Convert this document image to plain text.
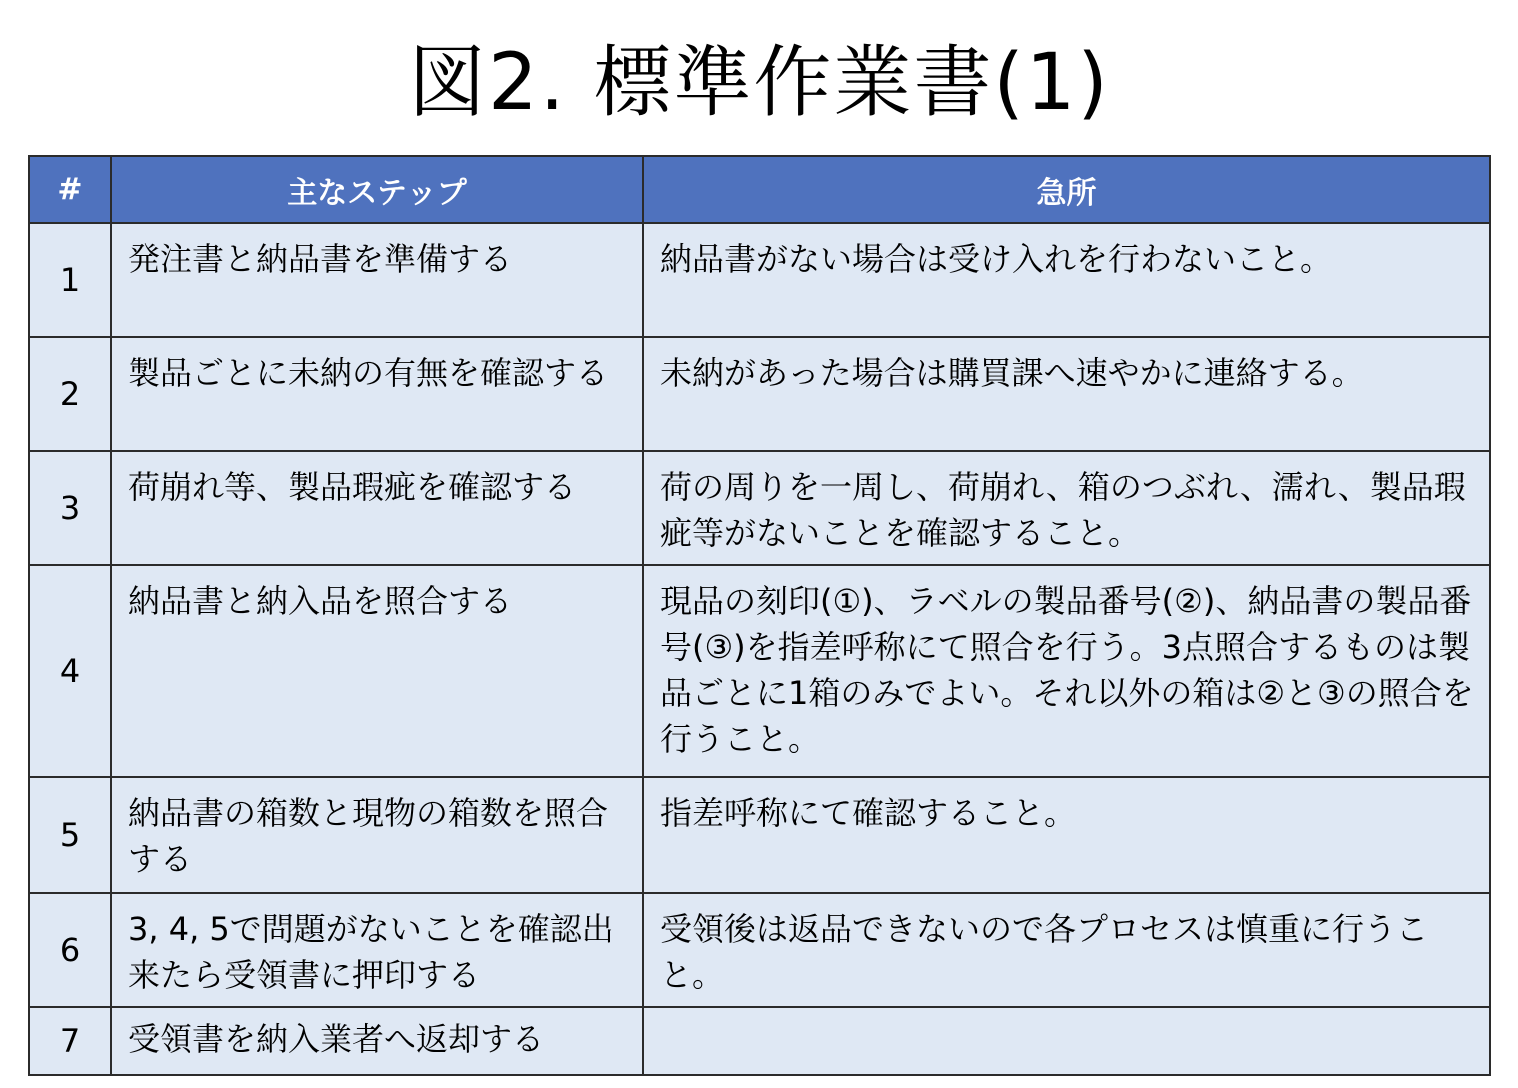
図2. 標準作業書(1)
#	主なステップ	急所
1	発注書と納品書を準備する	納品書がない場合は受け入れを行わないこと。
2	製品ごとに未納の有無を確認する	未納があった場合は購買課へ速やかに連絡する。
3	荷崩れ等、製品瑕疵を確認する	荷の周りを一周し、荷崩れ、箱のつぶれ、濡れ、製品瑕疵等がないことを確認すること。
4	納品書と納入品を照合する	現品の刻印(①)、ラベルの製品番号(②)、納品書の製品番号(③)を指差呼称にて照合を行う。3点照合するものは製品ごとに1箱のみでよい。それ以外の箱は②と③の照合を行うこと。
5	納品書の箱数と現物の箱数を照合する	指差呼称にて確認すること。
6	3, 4, 5で問題がないことを確認出来たら受領書に押印する	受領後は返品できないので各プロセスは慎重に行うこと。
7	受領書を納入業者へ返却する	
